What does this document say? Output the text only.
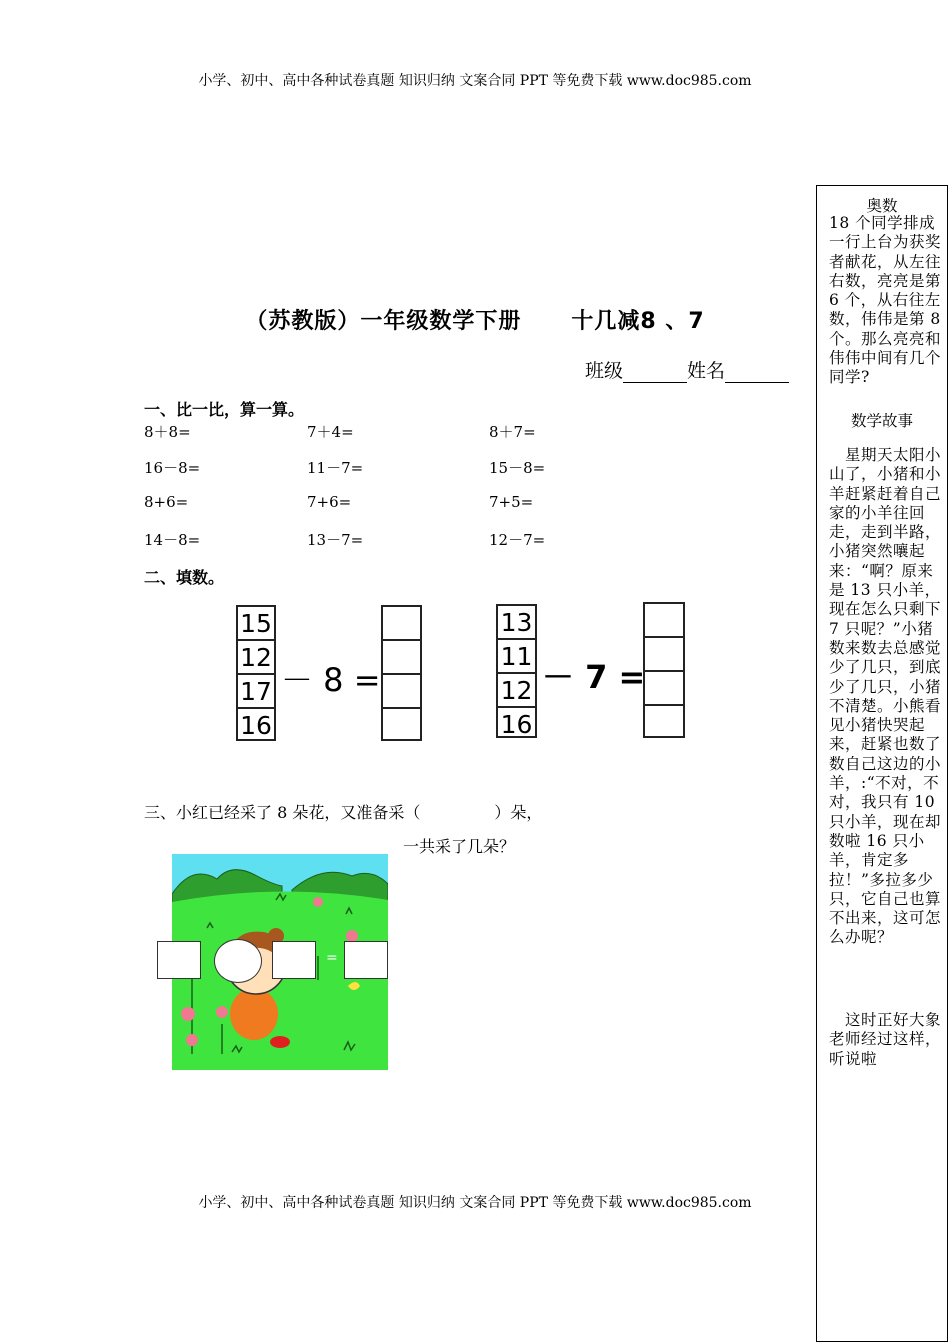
小学、初中、高中各种试卷真题 知识归纳 文案合同 PPT 等免费下载 www.doc985.com
（苏教版）一年级数学下册 十几减8 、7
班级	姓名
一、比一比，算一算。
8＋8=	7＋4=	8＋7=
16－8=	11－7=	15－8=
8+6=	7+6=	7+5=
14－8=	13－7=	12－7=
二、填数。
15
12
17
16
－ 8 =
13
11
12
16
－ 7 =
三、小红已经采了 8 朵花，又准备采（	）朵，
一共采了几朵？
=
奥数
18 个同学排成一行上台为获奖者献花，从左往右数，亮亮是第 6 个，从右往左数，伟伟是第 8 个。那么亮亮和伟伟中间有几个同学?
数学故事
　星期天太阳小山了，小猪和小羊赶紧赶着自己家的小羊往回走，走到半路，小猪突然嚷起来：“啊？原来是 13 只小羊，现在怎么只剩下 7 只呢？”小猪数来数去总感觉少了几只，到底少了几只，小猪不清楚。小熊看见小猪快哭起来，赶紧也数了数自己这边的小羊，:“不对，不对，我只有 10 只小羊，现在却数啦 16 只小羊，肯定多拉！”多拉多少只，它自己也算不出来，这可怎么办呢？
　这时正好大象老师经过这样，听说啦
小学、初中、高中各种试卷真题 知识归纳 文案合同 PPT 等免费下载 www.doc985.com
